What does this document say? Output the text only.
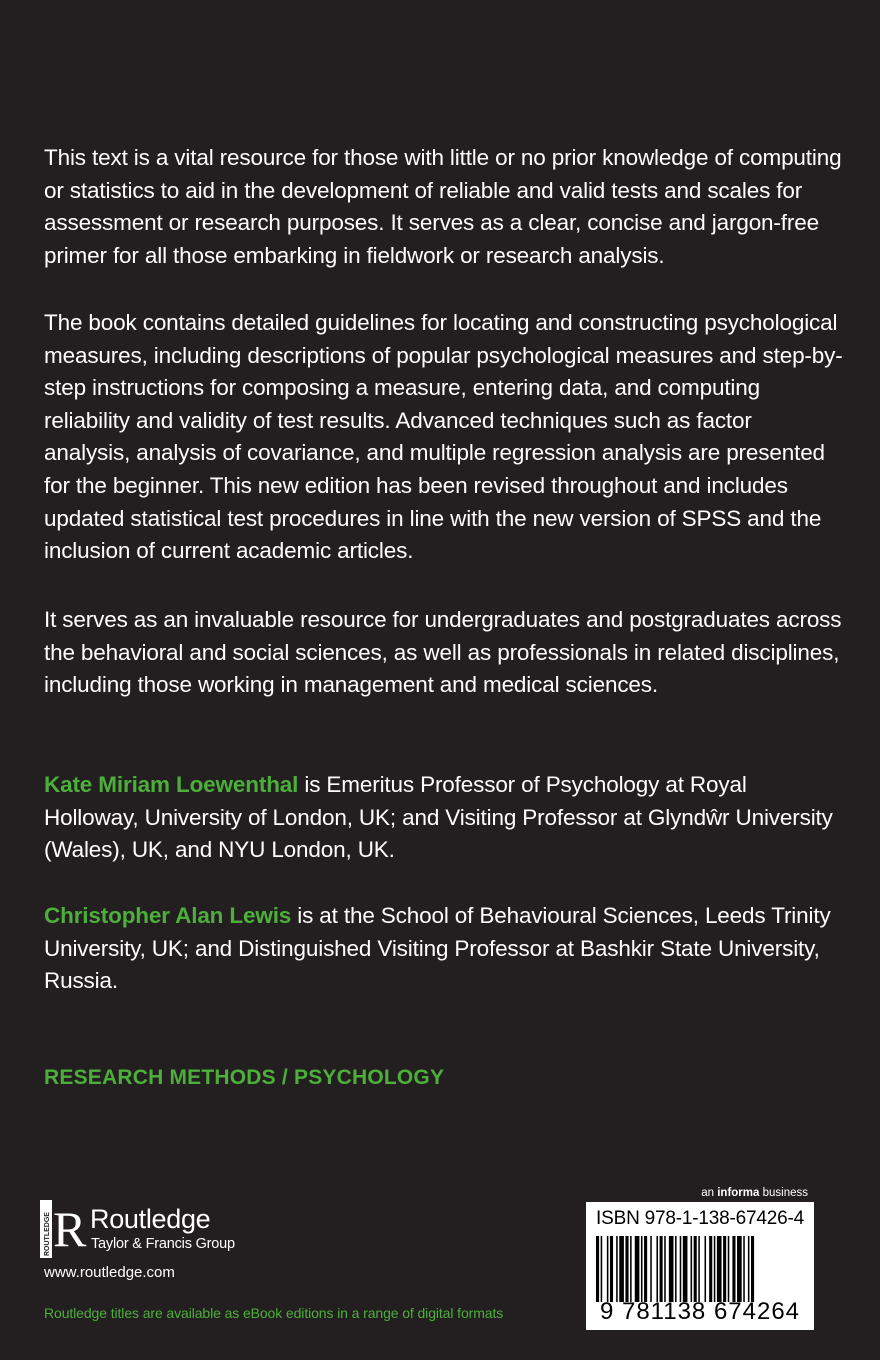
This text is a vital resource for those with little or no prior knowledge of computing or statistics to aid in the development of reliable and valid tests and scales for assessment or research purposes. It serves as a clear, concise and jargon-free primer for all those embarking in fieldwork or research analysis.

The book contains detailed guidelines for locating and constructing psychological measures, including descriptions of popular psychological measures and step-by-step instructions for composing a measure, entering data, and computing reliability and validity of test results. Advanced techniques such as factor analysis, analysis of covariance, and multiple regression analysis are presented for the beginner. This new edition has been revised throughout and includes updated statistical test procedures in line with the new version of SPSS and the inclusion of current academic articles.

It serves as an invaluable resource for undergraduates and postgraduates across the behavioral and social sciences, as well as professionals in related disciplines, including those working in management and medical sciences.

Kate Miriam Loewenthal is Emeritus Professor of Psychology at Royal Holloway, University of London, UK; and Visiting Professor at Glyndŵr University (Wales), UK, and NYU London, UK.

Christopher Alan Lewis is at the School of Behavioural Sciences, Leeds Trinity University, UK; and Distinguished Visiting Professor at Bashkir State University, Russia.

RESEARCH METHODS / PSYCHOLOGY
ROUTLEDGE R Routledge
Taylor & Francis Group
www.routledge.com
Routledge titles are available as eBook editions in a range of digital formats
an informa business
ISBN 978-1-138-67426-4
9 781138 674264
